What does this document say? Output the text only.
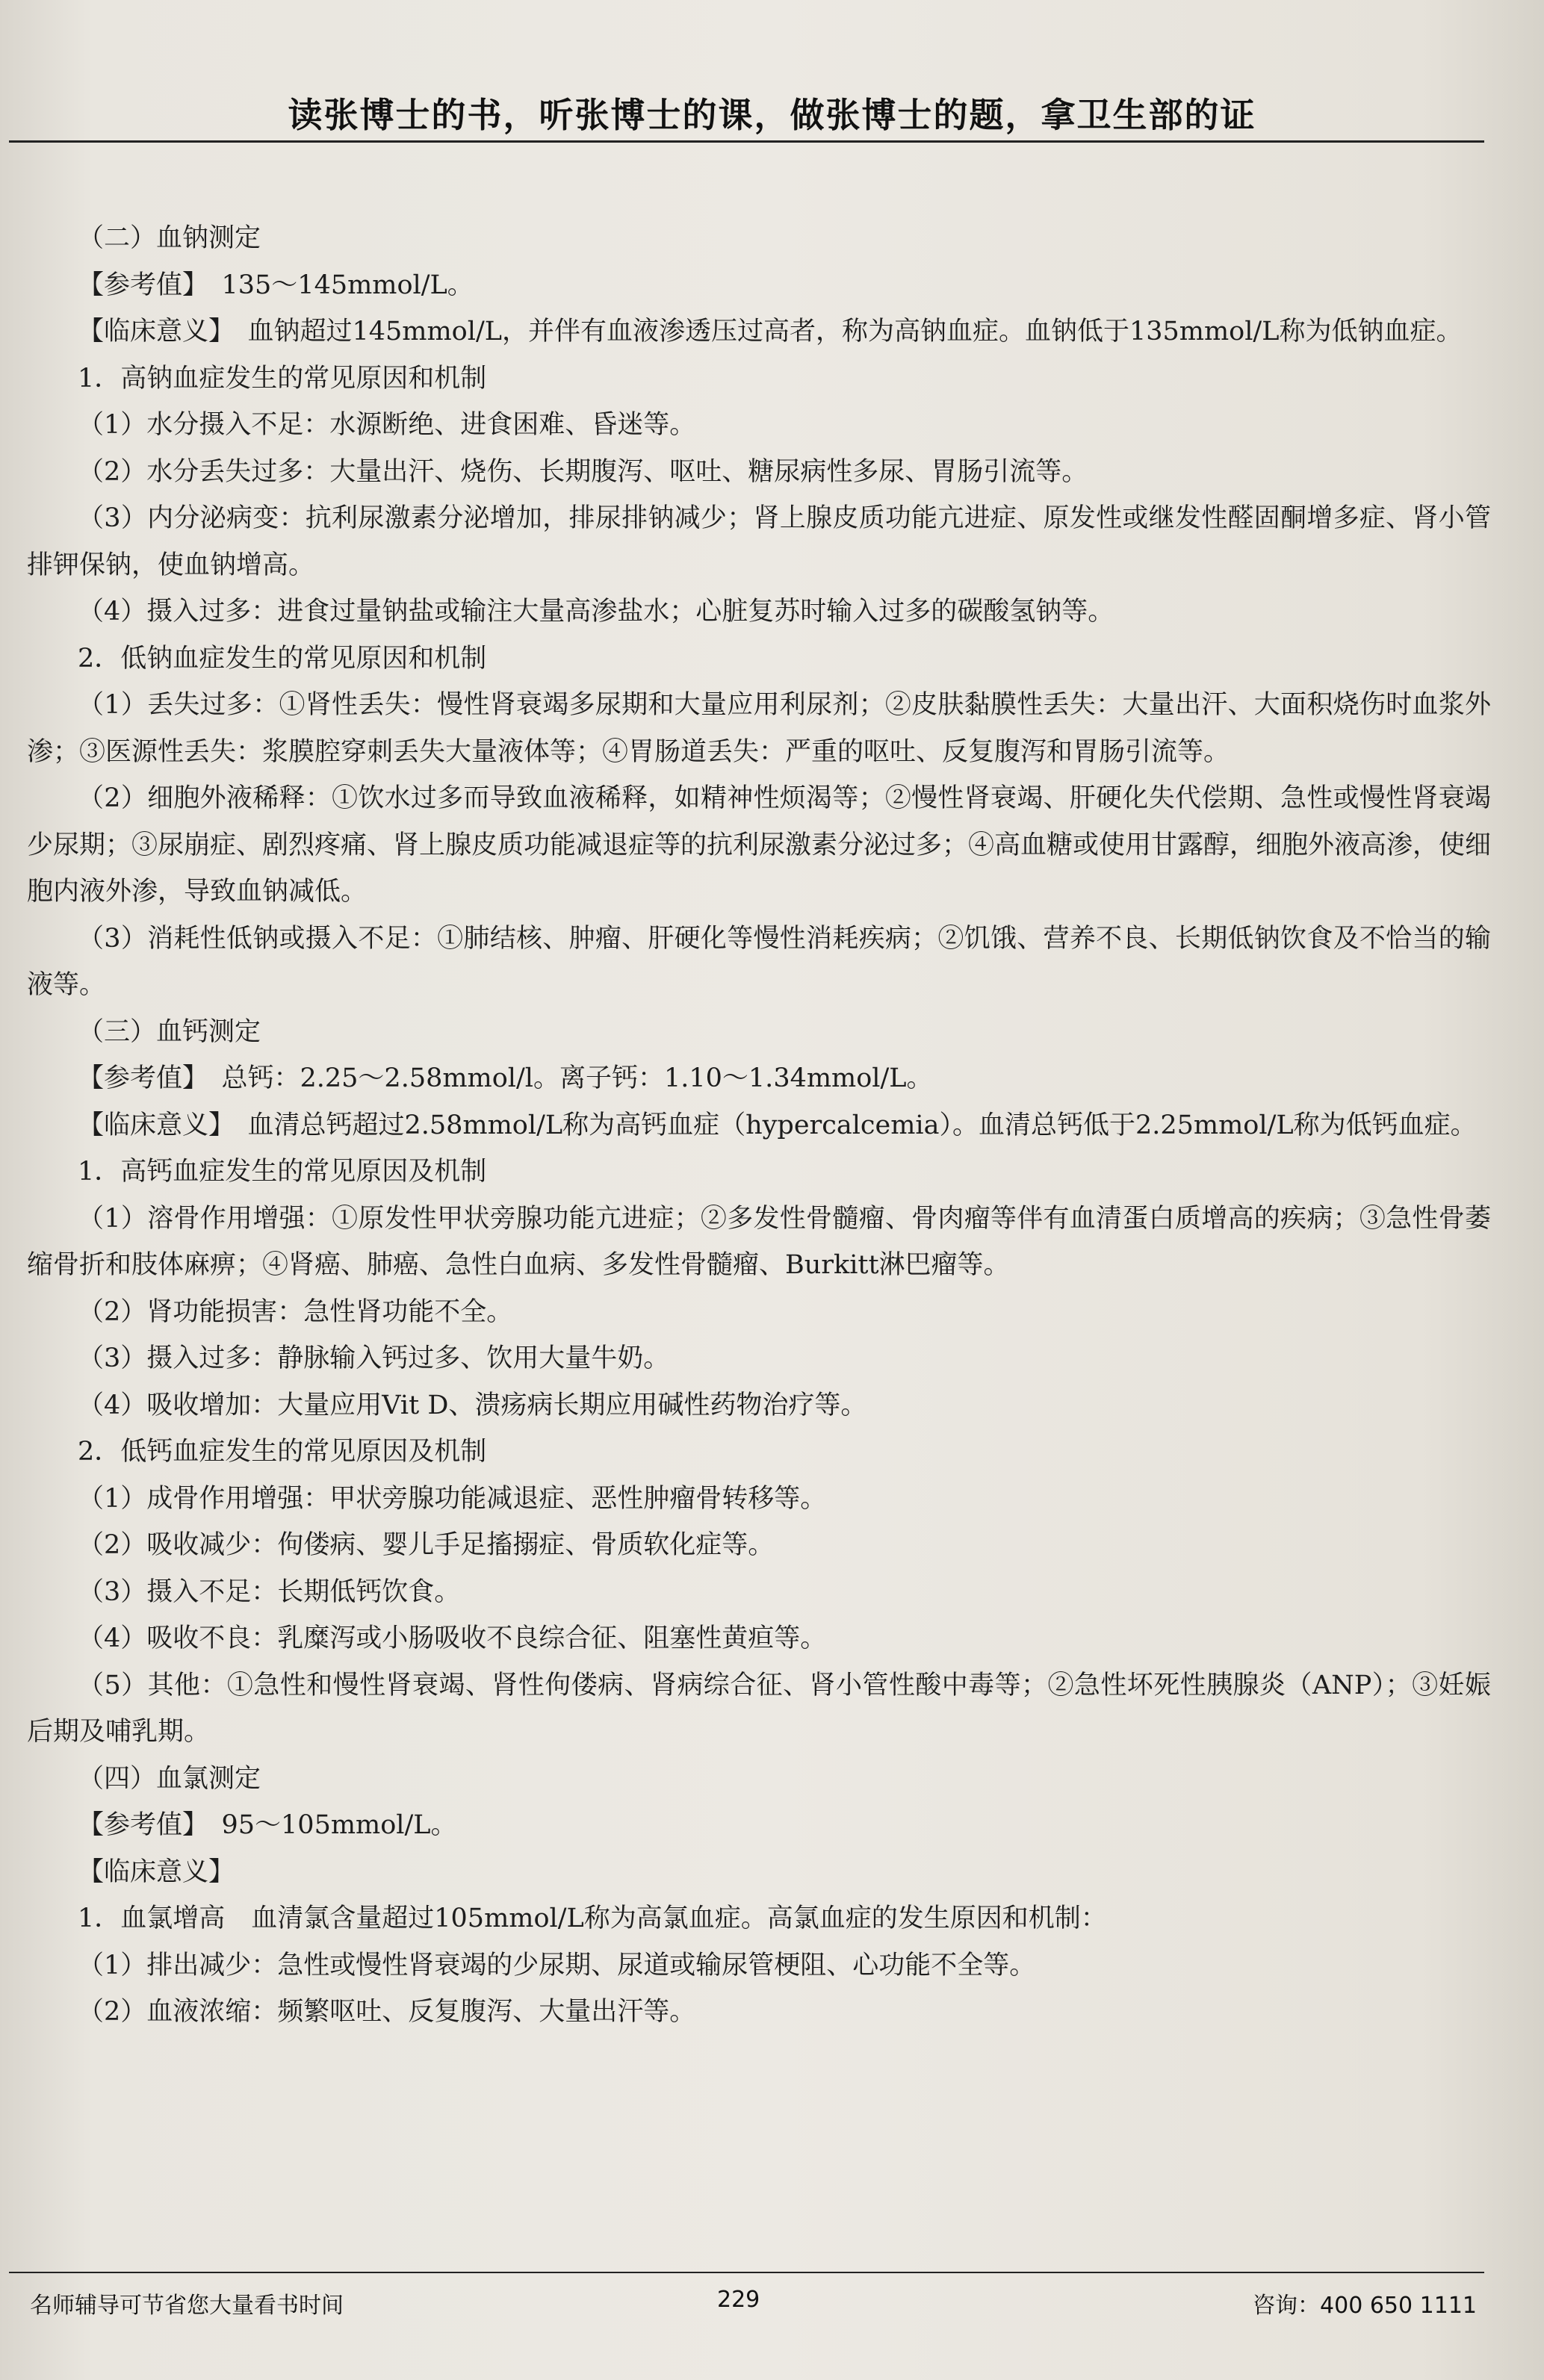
读张博士的书，听张博士的课，做张博士的题，拿卫生部的证

（二）血钠测定

【参考值】　135～145mmol/L。

【临床意义】　血钠超过145mmol/L，并伴有血液渗透压过高者，称为高钠血症。血钠低于135mmol/L称为低钠血症。

1．高钠血症发生的常见原因和机制

（1）水分摄入不足：水源断绝、进食困难、昏迷等。

（2）水分丢失过多：大量出汗、烧伤、长期腹泻、呕吐、糖尿病性多尿、胃肠引流等。

（3）内分泌病变：抗利尿激素分泌增加，排尿排钠减少；肾上腺皮质功能亢进症、原发性或继发性醛固酮增多症、肾小管排钾保钠，使血钠增高。

（4）摄入过多：进食过量钠盐或输注大量高渗盐水；心脏复苏时输入过多的碳酸氢钠等。

2．低钠血症发生的常见原因和机制

（1）丢失过多：①肾性丢失：慢性肾衰竭多尿期和大量应用利尿剂；②皮肤黏膜性丢失：大量出汗、大面积烧伤时血浆外渗；③医源性丢失：浆膜腔穿刺丢失大量液体等；④胃肠道丢失：严重的呕吐、反复腹泻和胃肠引流等。

（2）细胞外液稀释：①饮水过多而导致血液稀释，如精神性烦渴等；②慢性肾衰竭、肝硬化失代偿期、急性或慢性肾衰竭少尿期；③尿崩症、剧烈疼痛、肾上腺皮质功能减退症等的抗利尿激素分泌过多；④高血糖或使用甘露醇，细胞外液高渗，使细胞内液外渗，导致血钠减低。

（3）消耗性低钠或摄入不足：①肺结核、肿瘤、肝硬化等慢性消耗疾病；②饥饿、营养不良、长期低钠饮食及不恰当的输液等。

（三）血钙测定

【参考值】　总钙：2.25～2.58mmol/l。离子钙：1.10～1.34mmol/L。

【临床意义】　血清总钙超过2.58mmol/L称为高钙血症（hypercalcemia）。血清总钙低于2.25mmol/L称为低钙血症。

1．高钙血症发生的常见原因及机制

（1）溶骨作用增强：①原发性甲状旁腺功能亢进症；②多发性骨髓瘤、骨肉瘤等伴有血清蛋白质增高的疾病；③急性骨萎缩骨折和肢体麻痹；④肾癌、肺癌、急性白血病、多发性骨髓瘤、Burkitt淋巴瘤等。

（2）肾功能损害：急性肾功能不全。

（3）摄入过多：静脉输入钙过多、饮用大量牛奶。

（4）吸收增加：大量应用Vit D、溃疡病长期应用碱性药物治疗等。

2．低钙血症发生的常见原因及机制

（1）成骨作用增强：甲状旁腺功能减退症、恶性肿瘤骨转移等。

（2）吸收减少：佝偻病、婴儿手足搐搦症、骨质软化症等。

（3）摄入不足：长期低钙饮食。

（4）吸收不良：乳糜泻或小肠吸收不良综合征、阻塞性黄疸等。

（5）其他：①急性和慢性肾衰竭、肾性佝偻病、肾病综合征、肾小管性酸中毒等；②急性坏死性胰腺炎（ANP）；③妊娠后期及哺乳期。

（四）血氯测定

【参考值】　95～105mmol/L。

【临床意义】

1．血氯增高　血清氯含量超过105mmol/L称为高氯血症。高氯血症的发生原因和机制：

（1）排出减少：急性或慢性肾衰竭的少尿期、尿道或输尿管梗阻、心功能不全等。

（2）血液浓缩：频繁呕吐、反复腹泻、大量出汗等。

名师辅导可节省您大量看书时间	229	咨询：400 650 1111
